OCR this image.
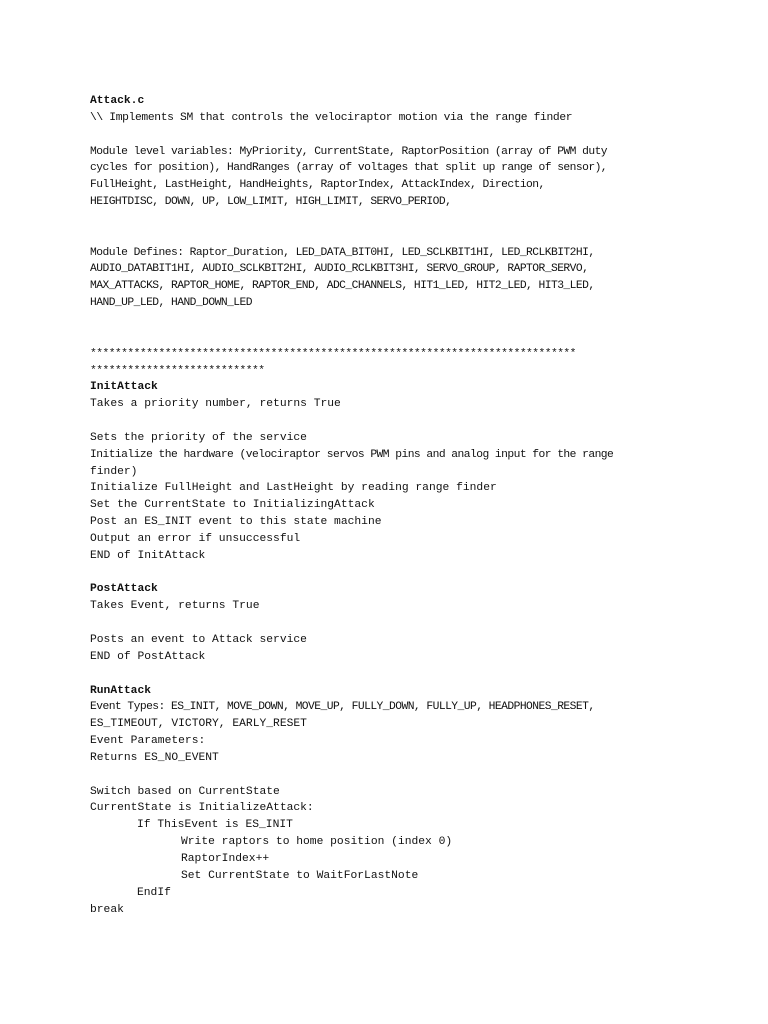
Attack.c
\\ Implements SM that controls the velociraptor motion via the range finder
Module level variables: MyPriority, CurrentState, RaptorPosition (array of PWM duty
cycles for position), HandRanges (array of voltages that split up range of sensor),
FullHeight, LastHeight, HandHeights, RaptorIndex, AttackIndex, Direction,
HEIGHTDISC, DOWN, UP, LOW_LIMIT, HIGH_LIMIT, SERVO_PERIOD,
Module Defines: Raptor_Duration, LED_DATA_BIT0HI, LED_SCLKBIT1HI, LED_RCLKBIT2HI,
AUDIO_DATABIT1HI, AUDIO_SCLKBIT2HI, AUDIO_RCLKBIT3HI, SERVO_GROUP, RAPTOR_SERVO,
MAX_ATTACKS, RAPTOR_HOME, RAPTOR_END, ADC_CHANNELS, HIT1_LED, HIT2_LED, HIT3_LED,
HAND_UP_LED, HAND_DOWN_LED
******************************************************************************
****************************
InitAttack
Takes a priority number, returns True
Sets the priority of the service
Initialize the hardware (velociraptor servos PWM pins and analog input for the range
finder)
Initialize FullHeight and LastHeight by reading range finder
Set the CurrentState to InitializingAttack
Post an ES_INIT event to this state machine
Output an error if unsuccessful
END of InitAttack
PostAttack
Takes Event, returns True
Posts an event to Attack service
END of PostAttack
RunAttack
Event Types: ES_INIT, MOVE_DOWN, MOVE_UP, FULLY_DOWN, FULLY_UP, HEADPHONES_RESET,
ES_TIMEOUT, VICTORY, EARLY_RESET
Event Parameters:
Returns ES_NO_EVENT
Switch based on CurrentState
CurrentState is InitializeAttack:
If ThisEvent is ES_INIT
Write raptors to home position (index 0)
RaptorIndex++
Set CurrentState to WaitForLastNote
EndIf
break
